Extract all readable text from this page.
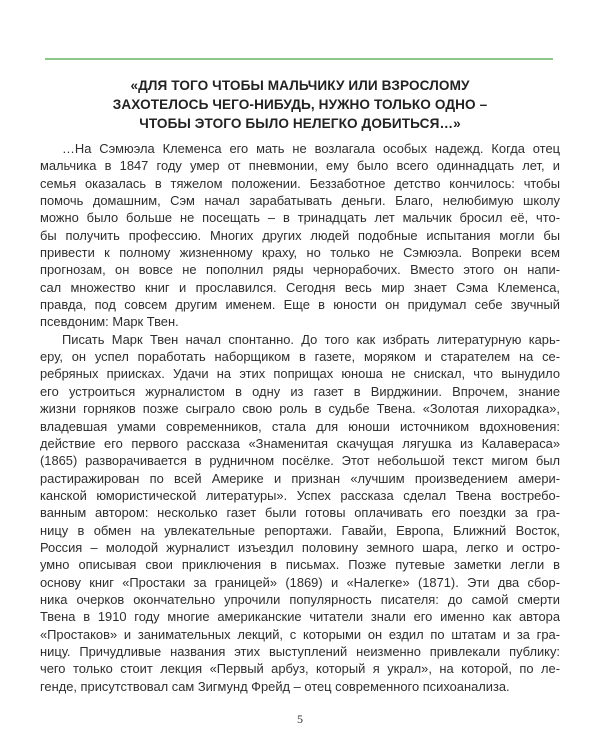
«ДЛЯ ТОГО ЧТОБЫ МАЛЬЧИКУ ИЛИ ВЗРОСЛОМУ
ЗАХОТЕЛОСЬ ЧЕГО-НИБУДЬ, НУЖНО ТОЛЬКО ОДНО –
ЧТОБЫ ЭТОГО БЫЛО НЕЛЕГКО ДОБИТЬСЯ…»
…На Сэмюэла Клеменса его мать не возлагала особых надежд. Когда отец
мальчика в 1847 году умер от пневмонии, ему было всего одиннадцать лет, и
семья оказалась в тяжелом положении. Беззаботное детство кончилось: чтобы
помочь домашним, Сэм начал зарабатывать деньги. Благо, нелюбимую школу
можно было больше не посещать – в тринадцать лет мальчик бросил её, что-
бы получить профессию. Многих других людей подобные испытания могли бы
привести к полному жизненному краху, но только не Сэмюэла. Вопреки всем
прогнозам, он вовсе не пополнил ряды чернорабочих. Вместо этого он напи-
сал множество книг и прославился. Сегодня весь мир знает Сэма Клеменса,
правда, под совсем другим именем. Еще в юности он придумал себе звучный
псевдоним: Марк Твен.
Писать Марк Твен начал спонтанно. До того как избрать литературную карь-
еру, он успел поработать наборщиком в газете, моряком и старателем на се-
ребряных приисках. Удачи на этих поприщах юноша не снискал, что вынудило
его устроиться журналистом в одну из газет в Вирджинии. Впрочем, знание
жизни горняков позже сыграло свою роль в судьбе Твена. «Золотая лихорадка»,
владевшая умами современников, стала для юноши источником вдохновения:
действие его первого рассказа «Знаменитая скачущая лягушка из Калавераса»
(1865) разворачивается в рудничном посёлке. Этот небольшой текст мигом был
растиражирован по всей Америке и признан «лучшим произведением амери-
канской юмористической литературы». Успех рассказа сделал Твена востребо-
ванным автором: несколько газет были готовы оплачивать его поездки за гра-
ницу в обмен на увлекательные репортажи. Гавайи, Европа, Ближний Восток,
Россия – молодой журналист изъездил половину земного шара, легко и остро-
умно описывая свои приключения в письмах. Позже путевые заметки легли в
основу книг «Простаки за границей» (1869) и «Налегке» (1871). Эти два сбор-
ника очерков окончательно упрочили популярность писателя: до самой смерти
Твена в 1910 году многие американские читатели знали его именно как автора
«Простаков» и занимательных лекций, с которыми он ездил по штатам и за гра-
ницу. Причудливые названия этих выступлений неизменно привлекали публику:
чего только стоит лекция «Первый арбуз, который я украл», на которой, по ле-
генде, присутствовал сам Зигмунд Фрейд – отец современного психоанализа.
5
